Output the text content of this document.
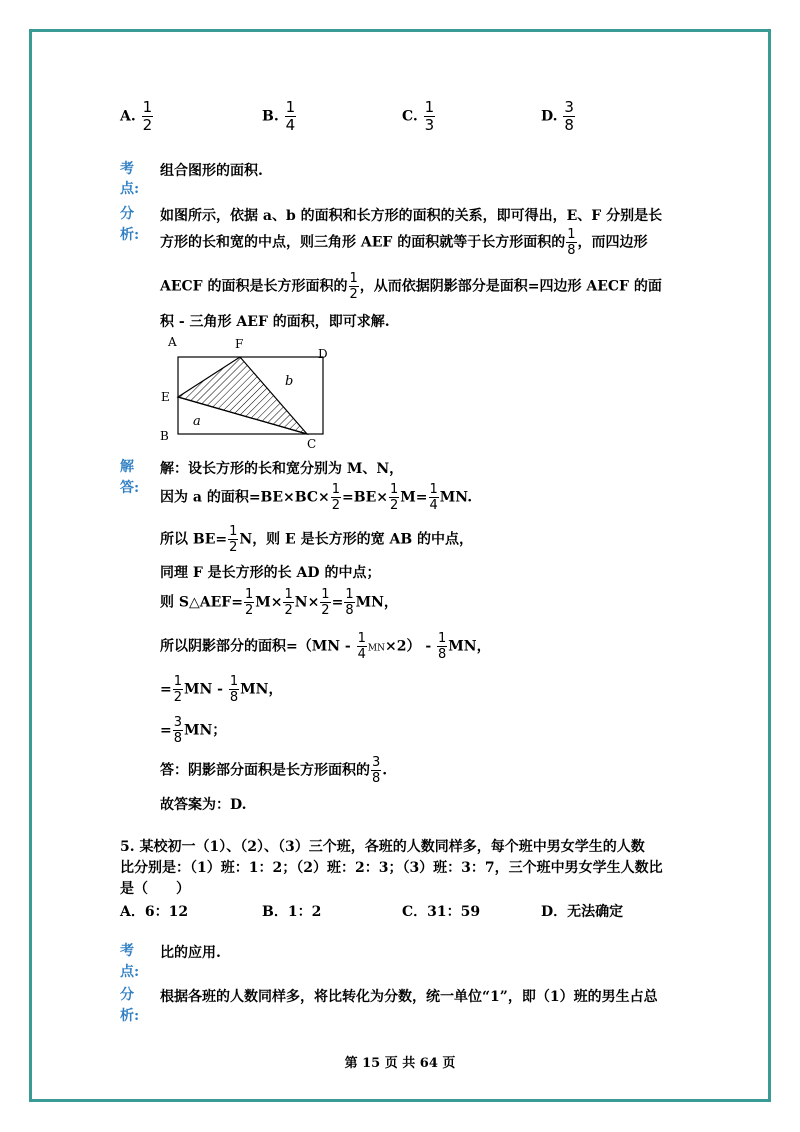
A. $\frac{1}{2}$	B. $\frac{1}{4}$	C. $\frac{1}{3}$	D. $\frac{3}{8}$
考
点:
组合图形的面积.
分
析:
如图所示，依据 a、b 的面积和长方形的面积的关系，即可得出，E、F 分别是长
方形的长和宽的中点，则三角形 AEF 的面积就等于长方形面积的 $\frac{1}{8}$ ，而四边形
AECF 的面积是长方形面积的 $\frac{1}{2}$ ，从而依据阴影部分是面积=四边形 AECF 的面
积 - 三角形 AEF 的面积，即可求解.
A	F
D
E
B
C
a
b
解
答:
解：设长方形的长和宽分别为 M、N，
因为 a 的面积$=BE\times BC\times \frac{1}{2} =BE\times \frac{1}{2} M= \frac{1}{4}$ MN.
所以 $BE= \frac{1}{2}$ N，则 E 是长方形的宽 AB 的中点，
同理 F 是长方形的长 AD 的中点；
则 S△AEF= $\frac{1}{2} M\times \frac{1}{2} N\times \frac{1}{2} = \frac{1}{8}$ MN，
所以阴影部分的面积$=(MN - \frac{1}{4} MN\times 2) - \frac{1}{8}$ MN，
= $\frac{1}{2}$ MN - $\frac{1}{8}$ MN，
= $\frac{3}{8}$ MN；
答：阴影部分面积是长方形面积的 $\frac{3}{8}$ .
故答案为：D.
5. 某校初一（1）、（2）、（3）三个班，各班的人数同样多，每个班中男女学生的人数
比分别是：（1）班：1：2；（2）班：2：3；（3）班：3：7，三个班中男女学生人数比
是（　　）
A．6：12	B．1：2	C．31：59	D．无法确定
考
点:
比的应用.
分
析:
根据各班的人数同样多，将比转化为分数，统一单位“1”，即（1）班的男生占总
第 15 页 共 64 页
